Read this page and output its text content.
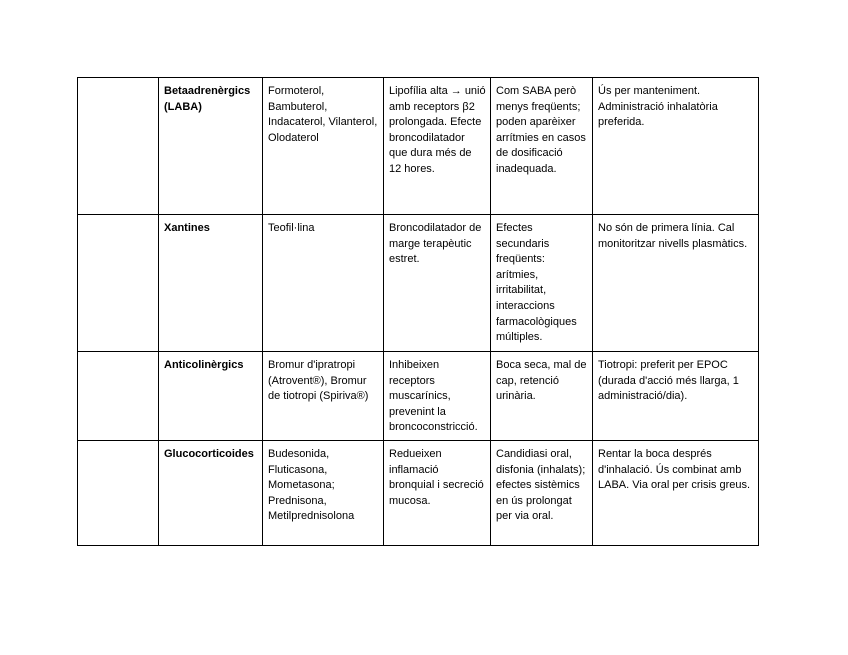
	Betaadrenèrgics (LABA)	Formoterol, Bambuterol, Indacaterol, Vilanterol, Olodaterol	Lipofília alta → unió amb receptors β2 prolongada. Efecte broncodilatador que dura més de 12 hores.	Com SABA però menys freqüents; poden aparèixer arrítmies en casos de dosificació inadequada.	Ús per manteniment. Administració inhalatòria preferida.
	Xantines	Teofil·lina	Broncodilatador de marge terapèutic estret.	Efectes secundaris freqüents: arítmies, irritabilitat, interaccions farmacològiques múltiples.	No són de primera línia. Cal monitoritzar nivells plasmàtics.
	Anticolinèrgics	Bromur d'ipratropi (Atrovent®), Bromur de tiotropi (Spiriva®)	Inhibeixen receptors muscarínics, prevenint la broncoconstricció.	Boca seca, mal de cap, retenció urinària.	Tiotropi: preferit per EPOC (durada d'acció més llarga, 1 administració/dia).
	Glucocorticoides	Budesonida, Fluticasona, Mometasona; Prednisona, Metilprednisolona	Redueixen inflamació bronquial i secreció mucosa.	Candidiasi oral, disfonia (inhalats); efectes sistèmics en ús prolongat per via oral.	Rentar la boca després d'inhalació. Ús combinat amb LABA. Via oral per crisis greus.
